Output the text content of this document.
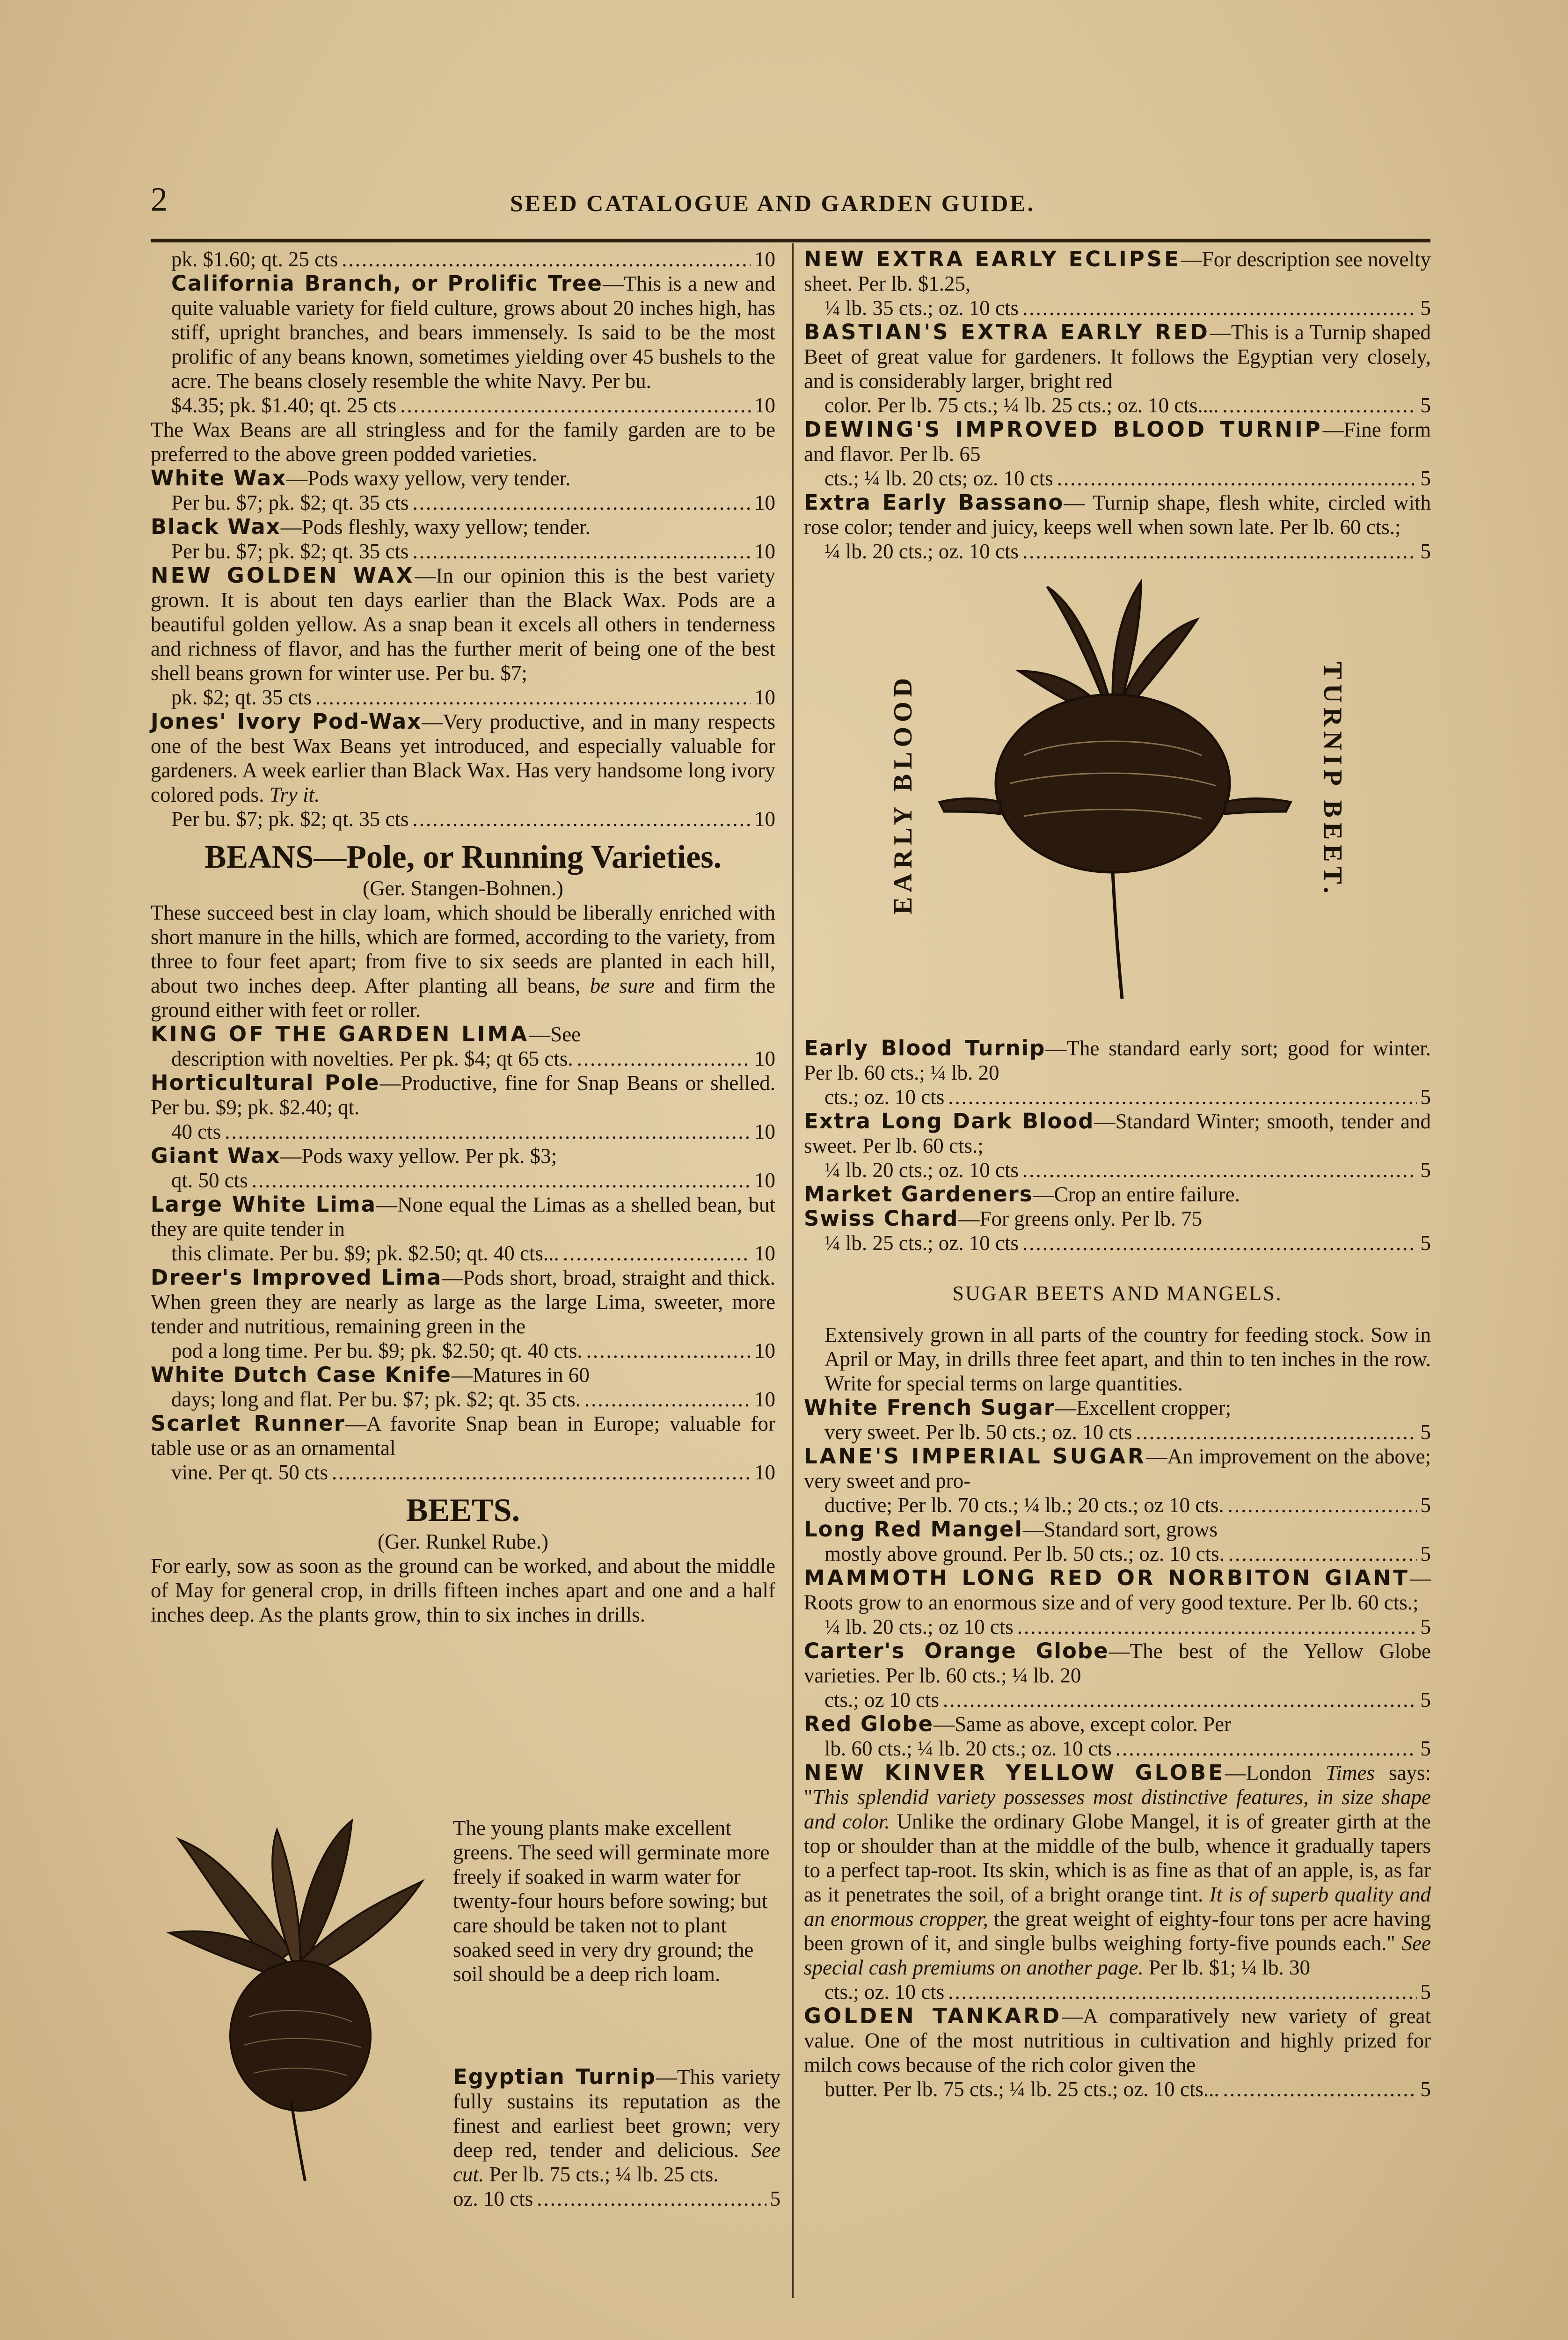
2	SEED CATALOGUE AND GARDEN GUIDE.
pk. $1.60; qt. 25 cts .....	10

California Branch, or Prolific Tree—This is a new and quite valuable variety for field culture, grows about 20 inches high, has stiff, upright branches, and bears immensely. Is said to be the most prolific of any beans known, sometimes yielding over 45 bushels to the acre. The beans closely resemble the white Navy. Per bu.

$4.35; pk. $1.40; qt. 25 cts .....	10

The Wax Beans are all stringless and for the family garden are to be preferred to the above green podded varieties.

White Wax—Pods waxy yellow, very tender.

Per bu. $7; pk. $2; qt. 35 cts .....	10

Black Wax—Pods fleshly, waxy yellow; tender.

Per bu. $7; pk. $2; qt. 35 cts .....	10

NEW GOLDEN WAX—In our opinion this is the best variety grown. It is about ten days earlier than the Black Wax. Pods are a beautiful golden yellow. As a snap bean it excels all others in tenderness and richness of flavor, and has the further merit of being one of the best shell beans grown for winter use. Per bu. $7;

pk. $2; qt. 35 cts .....	10

Jones' Ivory Pod-Wax—Very productive, and in many respects one of the best Wax Beans yet introduced, and especially valuable for gardeners. A week earlier than Black Wax. Has very handsome long ivory colored pods. Try it.

Per bu. $7; pk. $2; qt. 35 cts .....	10
BEANS—Pole, or Running Varieties.
(Ger. Stangen-Bohnen.)

These succeed best in clay loam, which should be liberally enriched with short manure in the hills, which are formed, according to the variety, from three to four feet apart; from five to six seeds are planted in each hill, about two inches deep. After planting all beans, be sure and firm the ground either with feet or roller.

KING OF THE GARDEN LIMA—See
description with novelties. Per pk. $4; qt 65 cts. .....	10

Horticultural Pole—Productive, fine for Snap Beans or shelled. Per bu. $9; pk. $2.40; qt.

40 cts .....	10

Giant Wax—Pods waxy yellow. Per pk. $3;

qt. 50 cts .....	10

Large White Lima—None equal the Limas as a shelled bean, but they are quite tender in

this climate. Per bu. $9; pk. $2.50; qt. 40 cts... .....	10

Dreer's Improved Lima—Pods short, broad, straight and thick. When green they are nearly as large as the large Lima, sweeter, more tender and nutritious, remaining green in the

pod a long time. Per bu. $9; pk. $2.50; qt. 40 cts. .....	10

White Dutch Case Knife—Matures in 60

days; long and flat. Per bu. $7; pk. $2; qt. 35 cts. .....	10

Scarlet Runner—A favorite Snap bean in Europe; valuable for table use or as an ornamental

vine. Per qt. 50 cts .....	10
BEETS.
(Ger. Runkel Rube.)

For early, sow as soon as the ground can be worked, and about the middle of May for general crop, in drills fifteen inches apart and one and a half inches deep. As the plants grow, thin to six inches in drills.

The young plants make excellent greens. The seed will germinate more freely if soaked in warm water for twenty-four hours before sowing; but care should be taken not to plant soaked seed in very dry ground; the soil should be a deep rich loam.

Egyptian Turnip—This variety fully sustains its reputation as the finest and earliest beet grown; very deep red, tender and delicious. See cut. Per lb. 75 cts.; ¼ lb. 25 cts.

oz. 10 cts .....	5

NEW EXTRA EARLY ECLIPSE—For description see novelty sheet. Per lb. $1.25,

¼ lb. 35 cts.; oz. 10 cts .....	5

BASTIAN'S EXTRA EARLY RED—This is a Turnip shaped Beet of great value for gardeners. It follows the Egyptian very closely, and is considerably larger, bright red

color. Per lb. 75 cts.; ¼ lb. 25 cts.; oz. 10 cts.... .....	5

DEWING'S IMPROVED BLOOD TURNIP—Fine form and flavor. Per lb. 65

cts.; ¼ lb. 20 cts; oz. 10 cts .....	5

Extra Early Bassano— Turnip shape, flesh white, circled with rose color; tender and juicy, keeps well when sown late. Per lb. 60 cts.;

¼ lb. 20 cts.; oz. 10 cts .....	5
EARLY BLOOD	TURNIP BEET.

Early Blood Turnip—The standard early sort; good for winter. Per lb. 60 cts.; ¼ lb. 20

cts.; oz. 10 cts .....	5

Extra Long Dark Blood—Standard Winter; smooth, tender and sweet. Per lb. 60 cts.;

¼ lb. 20 cts.; oz. 10 cts .....	5

Market Gardeners—Crop an entire failure.

Swiss Chard—For greens only. Per lb. 75

¼ lb. 25 cts.; oz. 10 cts .....	5
SUGAR BEETS AND MANGELS.

Extensively grown in all parts of the country for feeding stock. Sow in April or May, in drills three feet apart, and thin to ten inches in the row. Write for special terms on large quantities.

White French Sugar—Excellent cropper;

very sweet. Per lb. 50 cts.; oz. 10 cts .....	5

LANE'S IMPERIAL SUGAR—An improvement on the above; very sweet and pro-

ductive; Per lb. 70 cts.; ¼ lb.; 20 cts.; oz 10 cts. .....	5

Long Red Mangel—Standard sort, grows

mostly above ground. Per lb. 50 cts.; oz. 10 cts. .....	5

MAMMOTH LONG RED OR NORBITON GIANT—Roots grow to an enormous size and of very good texture. Per lb. 60 cts.;

¼ lb. 20 cts.; oz 10 cts .....	5

Carter's Orange Globe—The best of the Yellow Globe varieties. Per lb. 60 cts.; ¼ lb. 20

cts.; oz 10 cts .....	5

Red Globe—Same as above, except color. Per

lb. 60 cts.; ¼ lb. 20 cts.; oz. 10 cts .....	5

NEW KINVER YELLOW GLOBE—London Times says: "This splendid variety possesses most distinctive features, in size shape and color. Unlike the ordinary Globe Mangel, it is of greater girth at the top or shoulder than at the middle of the bulb, whence it gradually tapers to a perfect tap-root. Its skin, which is as fine as that of an apple, is, as far as it penetrates the soil, of a bright orange tint. It is of superb quality and an enormous cropper, the great weight of eighty-four tons per acre having been grown of it, and single bulbs weighing forty-five pounds each." See special cash premiums on another page. Per lb. $1; ¼ lb. 30

cts.; oz. 10 cts .....	5

GOLDEN TANKARD—A comparatively new variety of great value. One of the most nutritious in cultivation and highly prized for milch cows because of the rich color given the

butter. Per lb. 75 cts.; ¼ lb. 25 cts.; oz. 10 cts... .....	5
